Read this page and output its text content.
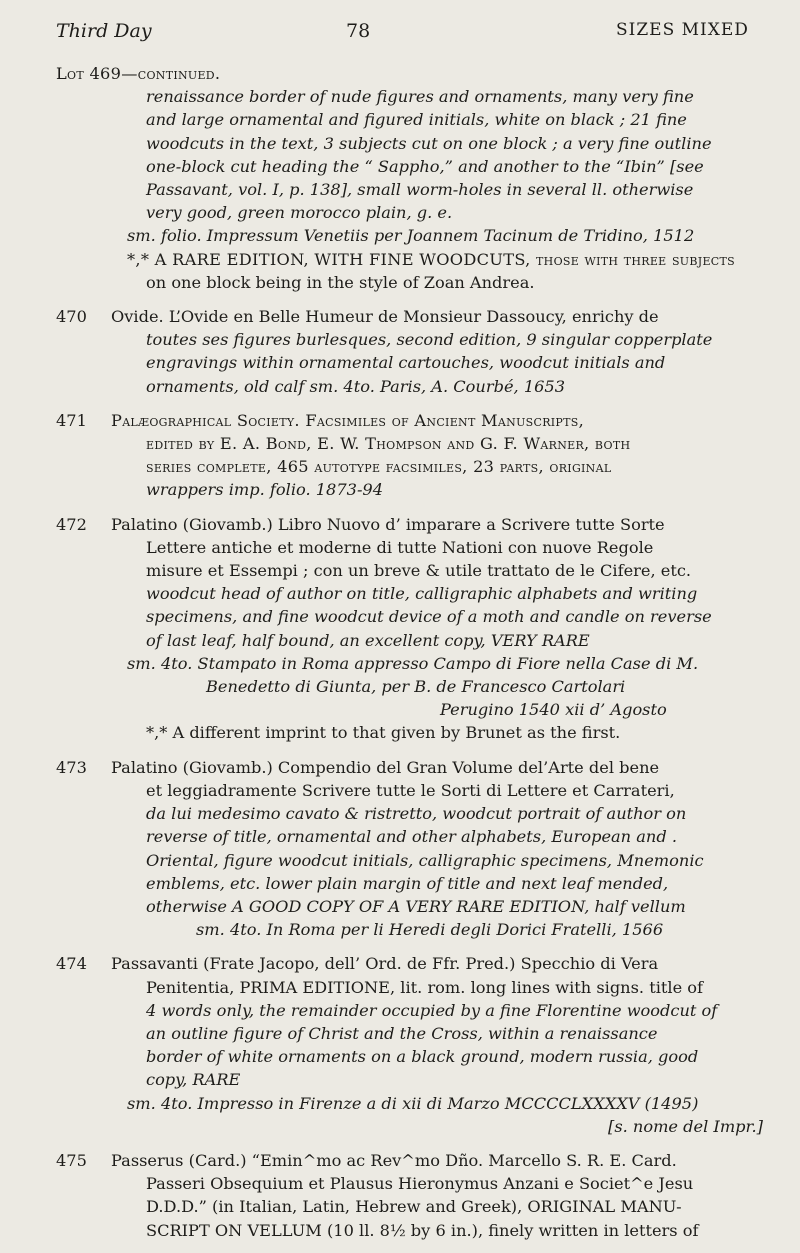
Third Day	78	SIZES MIXED
Lot 469—continued.
renaissance border of nude figures and ornaments, many very fine
and large ornamental and figured initials, white on black ; 21 fine
woodcuts in the text, 3 subjects cut on one block ; a very fine outline
one-block cut heading the “ Sappho,” and another to the “Ibin” [see
Passavant, vol. I, p. 138], small worm-holes in several ll. otherwise
very good, green morocco plain, g. e.
sm. folio. Impressum Venetiis per Joannem Tacinum de Tridino, 1512
*,* A RARE EDITION, WITH FINE WOODCUTS, those with three subjects
on one block being in the style of Zoan Andrea.
470	Ovide. L’Ovide en Belle Humeur de Monsieur Dassoucy, enrichy de
toutes ses figures burlesques, second edition, 9 singular copperplate
engravings within ornamental cartouches, woodcut initials and
ornaments, old calf sm. 4to. Paris, A. Courbé, 1653
471	Palæographical Society. Facsimiles of Ancient Manuscripts,
edited by E. A. Bond, E. W. Thompson and G. F. Warner, both
series complete, 465 autotype facsimiles, 23 parts, original
wrappers imp. folio. 1873-94
472	Palatino (Giovamb.) Libro Nuovo d’ imparare a Scrivere tutte Sorte
Lettere antiche et moderne di tutte Nationi con nuove Regole
misure et Essempi ; con un breve & utile trattato de le Cifere, etc.
woodcut head of author on title, calligraphic alphabets and writing
specimens, and fine woodcut device of a moth and candle on reverse
of last leaf, half bound, an excellent copy, VERY RARE
sm. 4to. Stampato in Roma appresso Campo di Fiore nella Case di M.
Benedetto di Giunta, per B. de Francesco Cartolari
Perugino 1540 xii d’ Agosto
*,* A different imprint to that given by Brunet as the first.
473	Palatino (Giovamb.) Compendio del Gran Volume del’Arte del bene
et leggiadramente Scrivere tutte le Sorti di Lettere et Carrateri,
da lui medesimo cavato & ristretto, woodcut portrait of author on
reverse of title, ornamental and other alphabets, European and .
Oriental, figure woodcut initials, calligraphic specimens, Mnemonic
emblems, etc. lower plain margin of title and next leaf mended,
otherwise A GOOD COPY OF A VERY RARE EDITION, half vellum
sm. 4to. In Roma per li Heredi degli Dorici Fratelli, 1566
474	Passavanti (Frate Jacopo, dell’ Ord. de Ffr. Pred.) Specchio di Vera
Penitentia, PRIMA EDITIONE, lit. rom. long lines with signs. title of
4 words only, the remainder occupied by a fine Florentine woodcut of
an outline figure of Christ and the Cross, within a renaissance
border of white ornaments on a black ground, modern russia, good
copy, RARE
sm. 4to. Impresso in Firenze a di xii di Marzo MCCCCLXXXXV (1495)
[s. nome del Impr.]
475	Passerus (Card.) “Emin^mo ac Rev^mo Dño. Marcello S. R. E. Card.
Passeri Obsequium et Plausus Hieronymus Anzani e Societ^e Jesu
D.D.D.” (in Italian, Latin, Hebrew and Greek), ORIGINAL MANU-
SCRIPT ON VELLUM (10 ll. 8½ by 6 in.), finely written in letters of
